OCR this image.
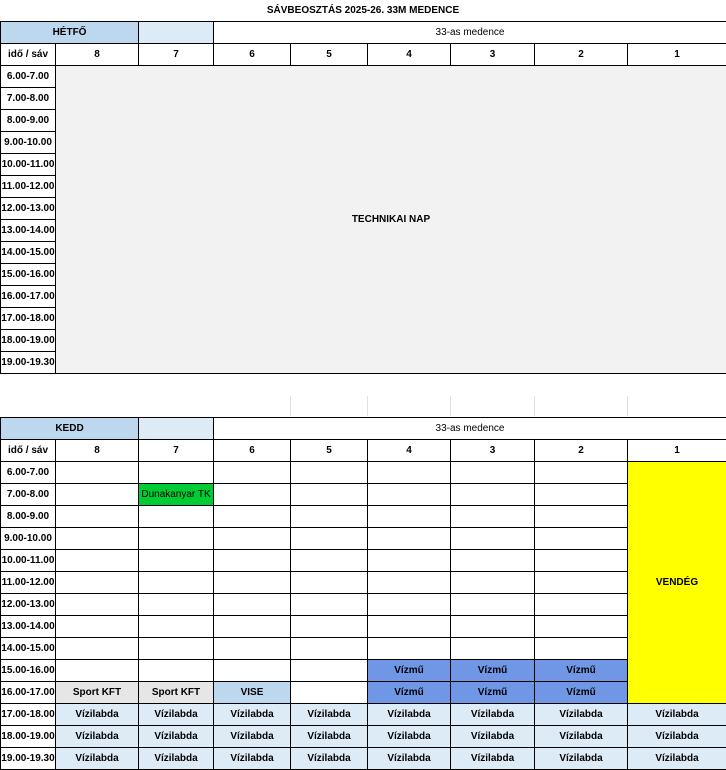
SÁVBEOSZTÁS 2025-26. 33M MEDENCE
HÉTFŐ			33-as medence					
idő / sáv	8	7	6	5	4	3	2	1
6.00-7.00	TECHNIKAI NAP							
7.00-8.00								
8.00-9.00								
9.00-10.00								
10.00-11.00								
11.00-12.00								
12.00-13.00								
13.00-14.00								
14.00-15.00								
15.00-16.00								
16.00-17.00								
17.00-18.00								
18.00-19.00								
19.00-19.30								
KEDD			33-as medence					
idő / sáv	8	7	6	5	4	3	2	1
6.00-7.00								VENDÉG
7.00-8.00		Dunakanyar TK						
8.00-9.00								
9.00-10.00								
10.00-11.00								
11.00-12.00								
12.00-13.00								
13.00-14.00								
14.00-15.00								
15.00-16.00					Vízmű	Vízmű	Vízmű	
16.00-17.00	Sport KFT	Sport KFT	VISE		Vízmű	Vízmű	Vízmű	
17.00-18.00	Vízilabda	Vízilabda	Vízilabda	Vízilabda	Vízilabda	Vízilabda	Vízilabda	Vízilabda
18.00-19.00	Vízilabda	Vízilabda	Vízilabda	Vízilabda	Vízilabda	Vízilabda	Vízilabda	Vízilabda
19.00-19.30	Vízilabda	Vízilabda	Vízilabda	Vízilabda	Vízilabda	Vízilabda	Vízilabda	Vízilabda
